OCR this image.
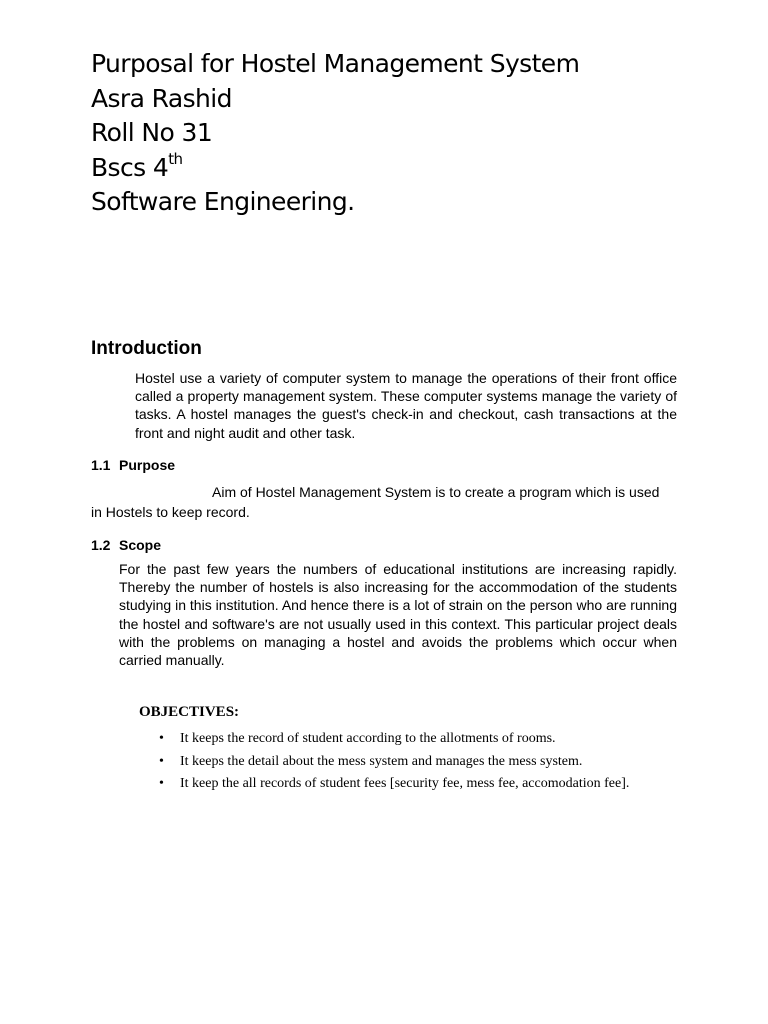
Purposal for Hostel Management System
Asra Rashid
Roll No 31
Bscs 4th
Software Engineering.
Introduction
Hostel use a variety of computer system to manage the operations of their front office called a property management system. These computer systems manage the variety of tasks. A hostel manages the guest's check-in and checkout, cash transactions at the front and night audit and other task.
1.1 Purpose
Aim of Hostel Management System is to create a program which is used in Hostels to keep record.
1.2 Scope
For the past few years the numbers of educational institutions are increasing rapidly. Thereby the number of hostels is also increasing for the accommodation of the students studying in this institution. And hence there is a lot of strain on the person who are running the hostel and software's are not usually used in this context. This particular project deals with the problems on managing a hostel and avoids the problems which occur when carried manually.
OBJECTIVES:
• It keeps the record of student according to the allotments of rooms.
• It keeps the detail about the mess system and manages the mess system.
• It keep the all records of student fees [security fee, mess fee, accomodation fee].
